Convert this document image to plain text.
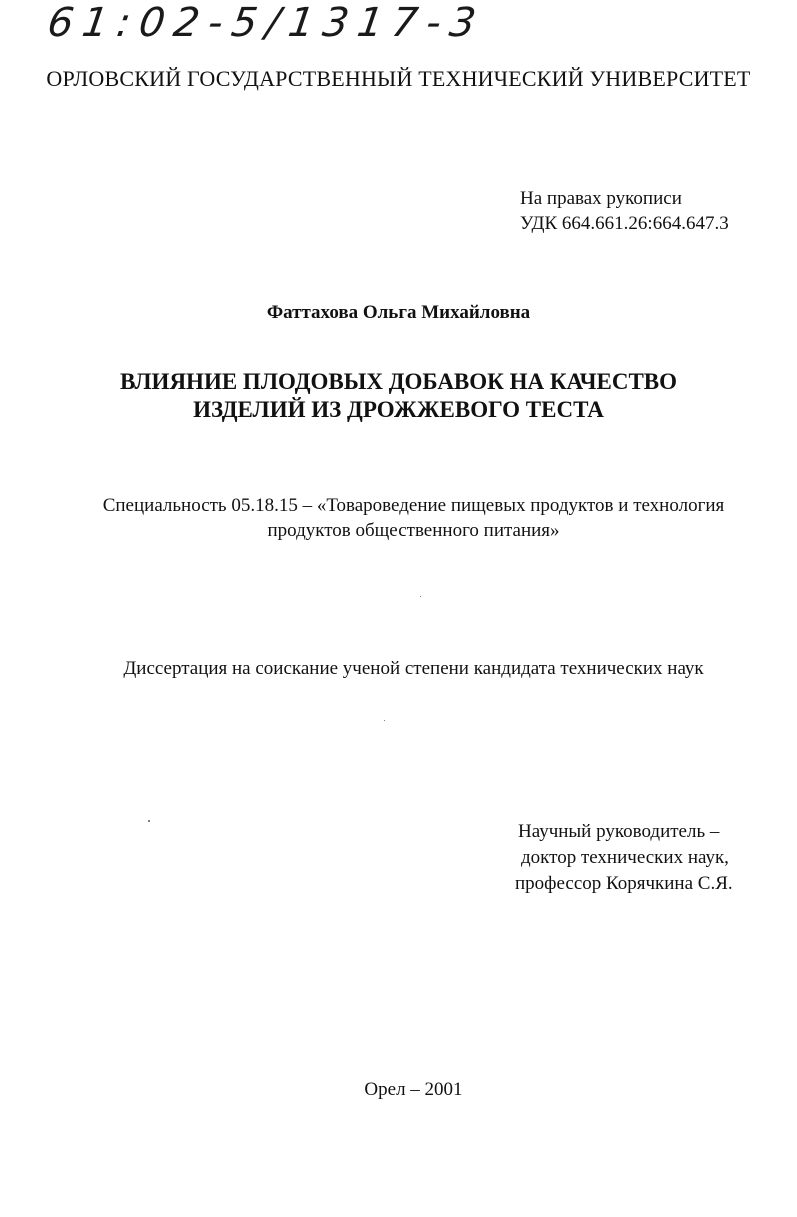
61:02-5/1317-3
ОРЛОВСКИЙ ГОСУДАРСТВЕННЫЙ ТЕХНИЧЕСКИЙ УНИВЕРСИТЕТ
На правах рукописи
УДК 664.661.26:664.647.3
Фаттахова Ольга Михайловна
ВЛИЯНИЕ ПЛОДОВЫХ ДОБАВОК НА КАЧЕСТВО
ИЗДЕЛИЙ ИЗ ДРОЖЖЕВОГО ТЕСТА
Специальность 05.18.15 – «Товароведение пищевых продуктов и технология
продуктов общественного питания»
Диссертация на соискание ученой степени кандидата технических наук
Научный руководитель –
доктор технических наук,
профессор Корячкина С.Я.
Орел – 2001
